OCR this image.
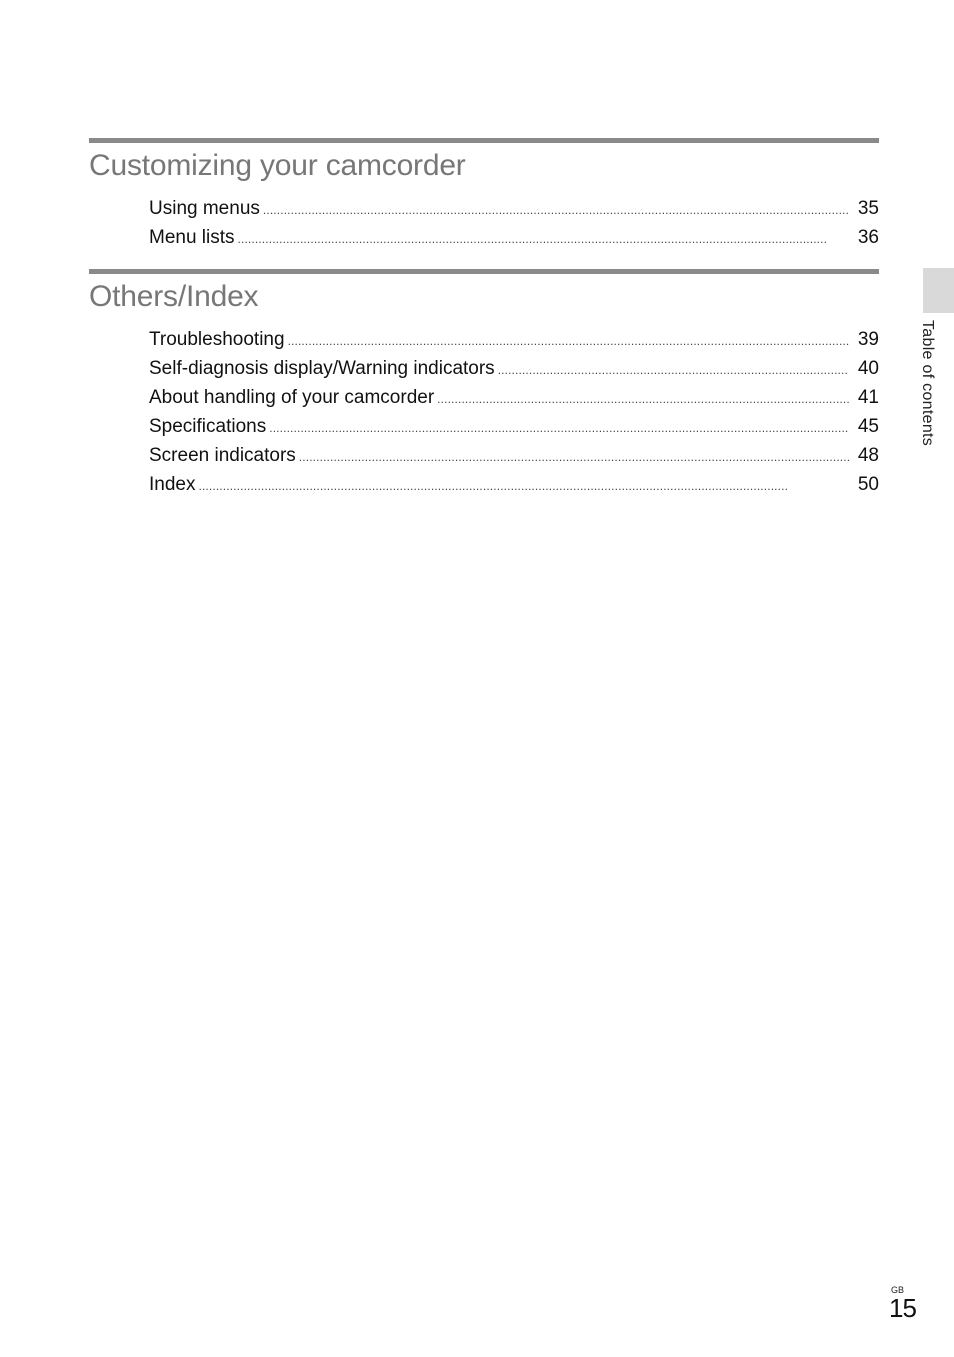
Customizing your camcorder
Using menus . . .	35
Menu lists . . .	36
Others/Index
Troubleshooting . . .	39
Self-diagnosis display/Warning indicators . . .	40
About handling of your camcorder . . .	41
Specifications . . .	45
Screen indicators . . .	48
Index . . .	50
Table of contents
GB
15
